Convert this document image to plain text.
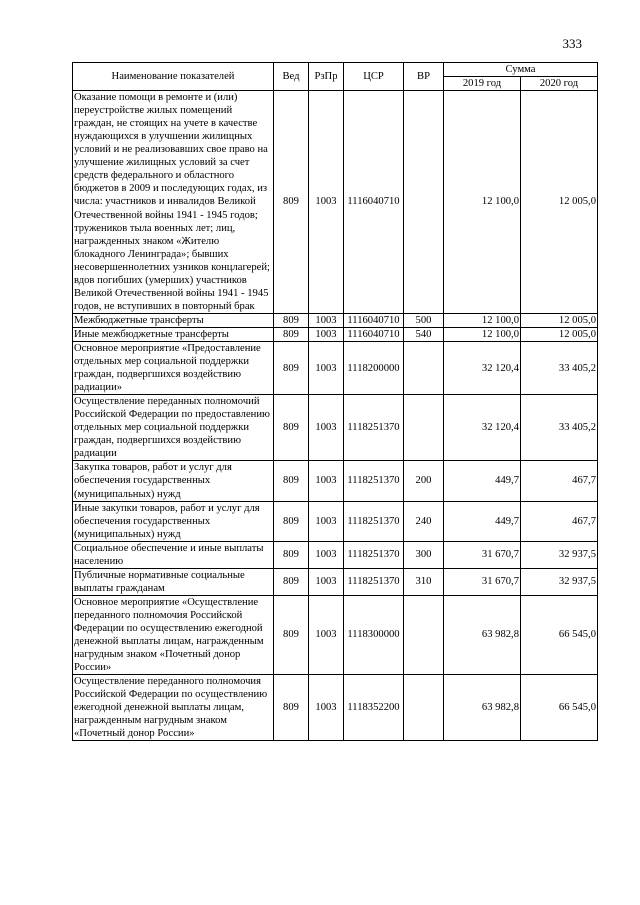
333
Наименование показателей	Вед	РзПр	ЦСР	ВР	Сумма	
					2019 год	2020 год
Оказание помощи в ремонте и (или) переустройстве жилых помещений граждан, не стоящих на учете в качестве нуждающихся в улучшении жилищных условий и не реализовавших свое право на улучшение жилищных условий за счет средств федерального и областного бюджетов в 2009 и последующих годах, из числа: участников и инвалидов Великой Отечественной войны 1941 - 1945 годов; тружеников тыла военных лет; лиц, награжденных знаком «Жителю блокадного Ленинграда»; бывших несовершеннолетних узников концлагерей; вдов погибших (умерших) участников Великой Отечественной войны 1941 - 1945 годов, не вступивших в повторный брак	809	1003	1116040710		12 100,0	12 005,0
Межбюджетные трансферты	809	1003	1116040710	500	12 100,0	12 005,0
Иные межбюджетные трансферты	809	1003	1116040710	540	12 100,0	12 005,0
Основное мероприятие «Предоставление отдельных мер социальной поддержки граждан, подвергшихся воздействию радиации»	809	1003	1118200000		32 120,4	33 405,2
Осуществление переданных полномочий Российской Федерации по предоставлению отдельных мер социальной поддержки граждан, подвергшихся воздействию радиации	809	1003	1118251370		32 120,4	33 405,2
Закупка товаров, работ и услуг для обеспечения государственных (муниципальных) нужд	809	1003	1118251370	200	449,7	467,7
Иные закупки товаров, работ и услуг для обеспечения государственных (муниципальных) нужд	809	1003	1118251370	240	449,7	467,7
Социальное обеспечение и иные выплаты населению	809	1003	1118251370	300	31 670,7	32 937,5
Публичные нормативные социальные выплаты гражданам	809	1003	1118251370	310	31 670,7	32 937,5
Основное мероприятие «Осуществление переданного полномочия Российской Федерации по осуществлению ежегодной денежной выплаты лицам, награжденным нагрудным знаком «Почетный донор России»	809	1003	1118300000		63 982,8	66 545,0
Осуществление переданного полномочия Российской Федерации по осуществлению ежегодной денежной выплаты лицам, награжденным нагрудным знаком «Почетный донор России»	809	1003	1118352200		63 982,8	66 545,0
